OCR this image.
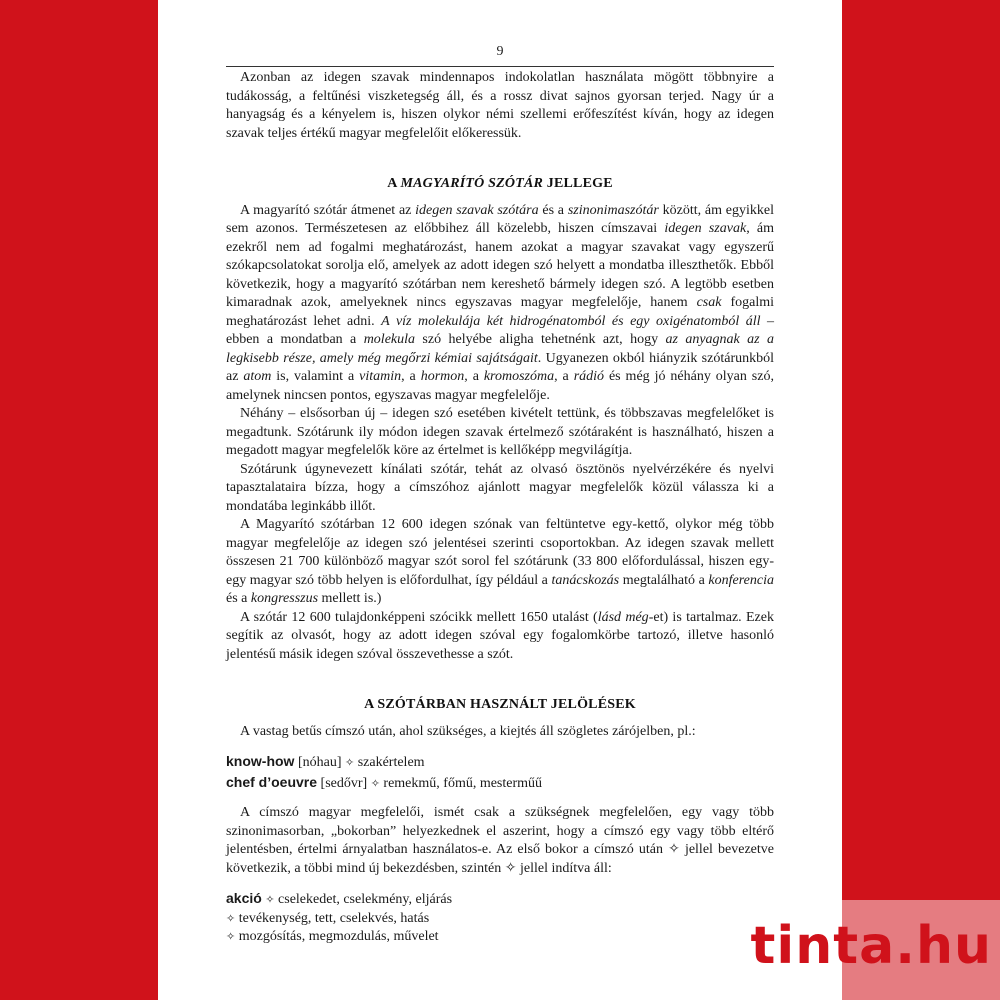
9

Azonban az idegen szavak mindennapos indokolatlan használata mögött többnyire a tudákosság, a feltűnési viszketegség áll, és a rossz divat sajnos gyorsan terjed. Nagy úr a hanyagság és a kényelem is, hiszen olykor némi szellemi erőfeszítést kíván, hogy az idegen szavak teljes értékű magyar megfelelőit előkeressük.

A MAGYARÍTÓ SZÓTÁR JELLEGE

A magyarító szótár átmenet az idegen szavak szótára és a szinonimaszótár között, ám egyikkel sem azonos. Természetesen az előbbihez áll közelebb, hiszen címszavai idegen szavak, ám ezekről nem ad fogalmi meghatározást, hanem azokat a magyar szavakat vagy egyszerű szókapcsolatokat sorolja elő, amelyek az adott idegen szó helyett a mondatba illeszthetők. Ebből következik, hogy a magyarító szótárban nem kereshető bármely idegen szó. A legtöbb esetben kimaradnak azok, amelyeknek nincs egyszavas magyar megfelelője, hanem csak fogalmi meghatározást lehet adni. A víz molekulája két hidrogénatomból és egy oxigénatomból áll – ebben a mondatban a molekula szó helyébe aligha tehetnénk azt, hogy az anyagnak az a legkisebb része, amely még megőrzi kémiai sajátságait. Ugyanezen okból hiányzik szótárunkból az atom is, valamint a vitamin, a hormon, a kromoszóma, a rádió és még jó néhány olyan szó, amelynek nincsen pontos, egyszavas magyar megfelelője.

Néhány – elsősorban új – idegen szó esetében kivételt tettünk, és többszavas megfelelőket is megadtunk. Szótárunk ily módon idegen szavak értelmező szótáraként is használható, hiszen a megadott magyar megfelelők köre az értelmet is kellőképp megvilágítja.

Szótárunk úgynevezett kínálati szótár, tehát az olvasó ösztönös nyelvérzékére és nyelvi tapasztalataira bízza, hogy a címszóhoz ajánlott magyar megfelelők közül válassza ki a mondatába leginkább illőt.

A Magyarító szótárban 12 600 idegen szónak van feltüntetve egy-kettő, olykor még több magyar megfelelője az idegen szó jelentései szerinti csoportokban. Az idegen szavak mellett összesen 21 700 különböző magyar szót sorol fel szótárunk (33 800 előfordulással, hiszen egy-egy magyar szó több helyen is előfordulhat, így például a tanácskozás megtalálható a konferencia és a kongresszus mellett is.)

A szótár 12 600 tulajdonképpeni szócikk mellett 1650 utalást (lásd még-et) is tartalmaz. Ezek segítik az olvasót, hogy az adott idegen szóval egy fogalomkörbe tartozó, illetve hasonló jelentésű másik idegen szóval összevethesse a szót.

A SZÓTÁRBAN HASZNÁLT JELÖLÉSEK

A vastag betűs címszó után, ahol szükséges, a kiejtés áll szögletes zárójelben, pl.:

know-how [nóhau] ✧ szakértelem
chef d’oeuvre [sedővr] ✧ remekmű, főmű, mesterműű

A címszó magyar megfelelői, ismét csak a szükségnek megfelelően, egy vagy több szinonimasorban, „bokorban” helyezkednek el aszerint, hogy a címszó egy vagy több eltérő jelentésben, értelmi árnyalatban használatos-e. Az első bokor a címszó után ✧ jellel bevezetve következik, a többi mind új bekezdésben, szintén ✧ jellel indítva áll:

akció ✧ cselekedet, cselekmény, eljárás
✧ tevékenység, tett, cselekvés, hatás
✧ mozgósítás, megmozdulás, művelet	tinta.hu
